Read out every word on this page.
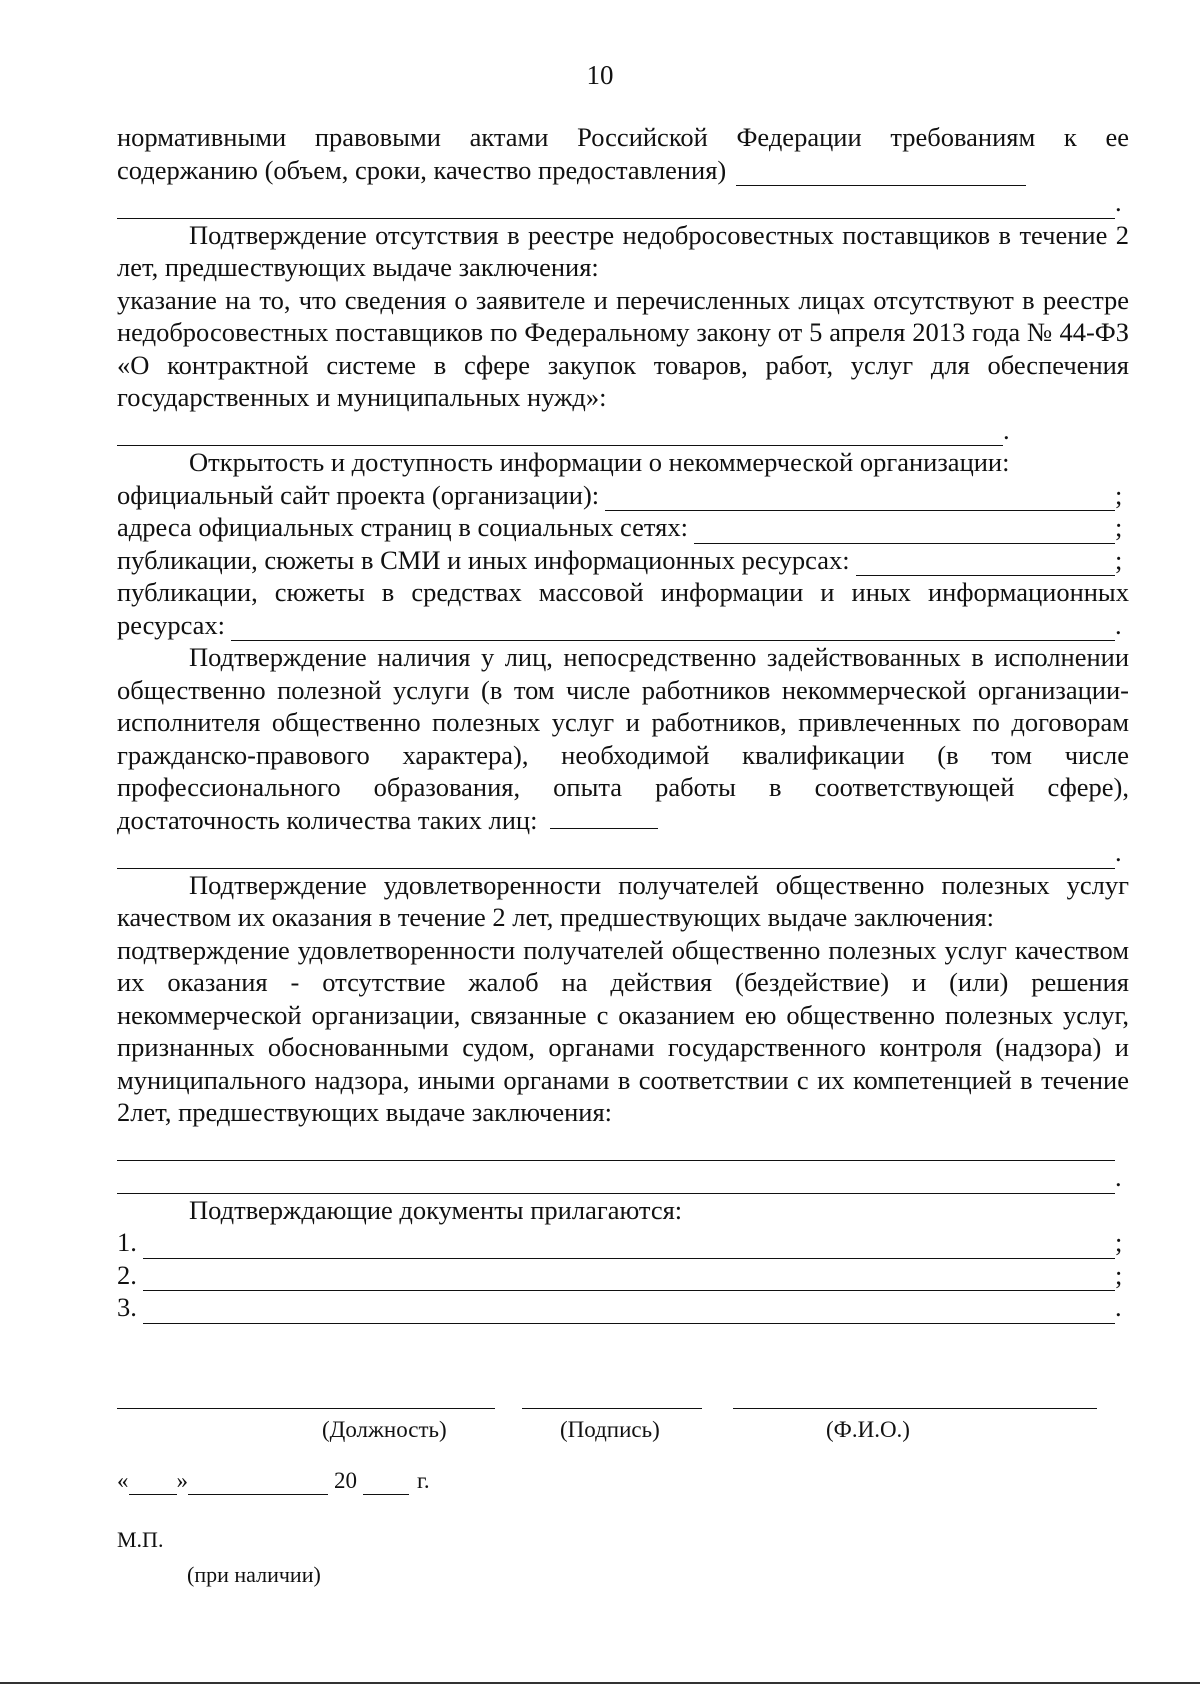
10

нормативными правовыми актами Российской Федерации требованиям к ее

содержанию (объем, сроки, качество предоставления)
.

Подтверждение отсутствия в реестре недобросовестных поставщиков в течение 2 лет, предшествующих выдаче заключения:

указание на то, что сведения о заявителе и перечисленных лицах отсутствуют в реестре недобросовестных поставщиков по Федеральному закону от 5 апреля 2013 года № 44-ФЗ «О контрактной системе в сфере закупок товаров, работ, услуг для обеспечения государственных и муниципальных нужд»:

.

Открытость и доступность информации о некоммерческой организации:

официальный сайт проекта (организации):	;
адреса официальных страниц в социальных сетях:	;
публикации, сюжеты в СМИ и иных информационных ресурсах:	;

публикации, сюжеты в средствах массовой информации и иных информационных

ресурсах:	.

Подтверждение наличия у лиц, непосредственно задействованных в исполнении общественно полезной услуги (в том числе работников некоммерческой организации-исполнителя общественно полезных услуг и работников, привлеченных по договорам гражданско-правового характера), необходимой квалификации (в том числе профессионального образования, опыта работы в соответствующей сфере), достаточность количества таких лиц:

.

Подтверждение удовлетворенности получателей общественно полезных услуг качеством их оказания в течение 2 лет, предшествующих выдаче заключения:

подтверждение удовлетворенности получателей общественно полезных услуг качеством их оказания - отсутствие жалоб на действия (бездействие) и (или) решения некоммерческой организации, связанные с оказанием ею общественно полезных услуг, признанных обоснованными судом, органами государственного контроля (надзора) и муниципального надзора, иными органами в соответствии с их компетенцией в течение 2лет, предшествующих выдаче заключения:

.

Подтверждающие документы прилагаются:

1.	;
2.	;
3.	.
(Должность)	(Подпись)	(Ф.И.О.)
« »	20	г.
М.П.
(при наличии)
